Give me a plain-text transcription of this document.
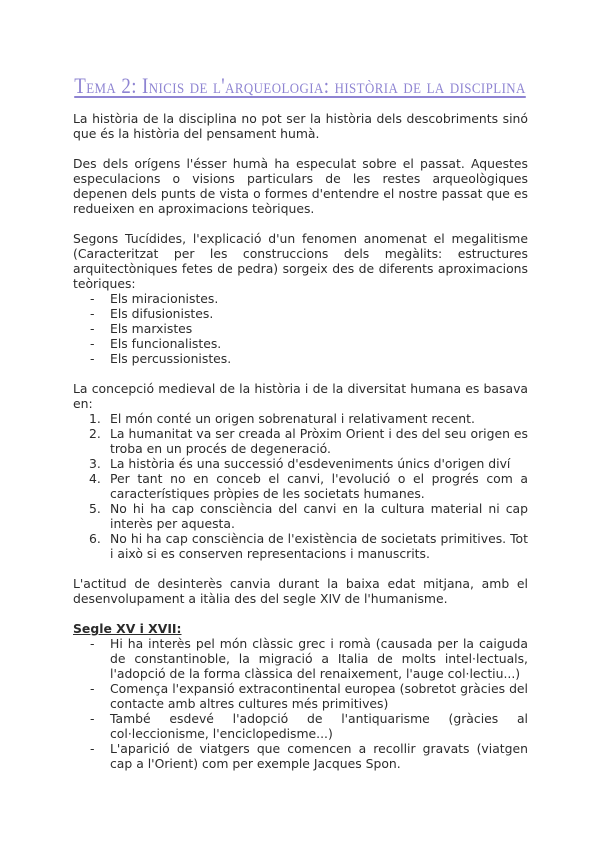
Tema 2: Inicis de l'arqueologia: història de la disciplina

La història de la disciplina no pot ser la història dels descobriments sinó que és la història del pensament humà.

Des dels orígens l'ésser humà ha especulat sobre el passat. Aquestes especulacions o visions particulars de les restes arqueològiques depenen dels punts de vista o formes d'entendre el nostre passat que es redueixen en aproximacions teòriques.

Segons Tucídides, l'explicació d'un fenomen anomenat el megalitisme (Caracteritzat per les construccions dels megàlits: estructures arquitectòniques fetes de pedra) sorgeix des de diferents aproximacions teòriques:

- Els miracionistes.
- Els difusionistes.
- Els marxistes
- Els funcionalistes.
- Els percussionistes.

La concepció medieval de la història i de la diversitat humana es basava en:

1. El món conté un origen sobrenatural i relativament recent.
2. La humanitat va ser creada al Pròxim Orient i des del seu origen es troba en un procés de degeneració.
3. La història és una successió d'esdeveniments únics d'origen diví
4. Per tant no en conceb el canvi, l'evolució o el progrés com a característiques pròpies de les societats humanes.
5. No hi ha cap consciència del canvi en la cultura material ni cap interès per aquesta.
6. No hi ha cap consciència de l'existència de societats primitives. Tot i això si es conserven representacions i manuscrits.

L'actitud de desinterès canvia durant la baixa edat mitjana, amb el desenvolupament a itàlia des del segle XIV de l'humanisme.

Segle XV i XVII:

- Hi ha interès pel món clàssic grec i romà (causada per la caiguda de constantinoble, la migració a Italia de molts intel·lectuals, l'adopció de la forma clàssica del renaixement, l'auge col·lectiu...)
- Comença l'expansió extracontinental europea (sobretot gràcies del contacte amb altres cultures més primitives)
- També esdevé l'adopció de l'antiquarisme (gràcies al col·leccionisme, l'enciclopedisme...)
- L'aparició de viatgers que comencen a recollir gravats (viatgen cap a l'Orient) com per exemple Jacques Spon.
